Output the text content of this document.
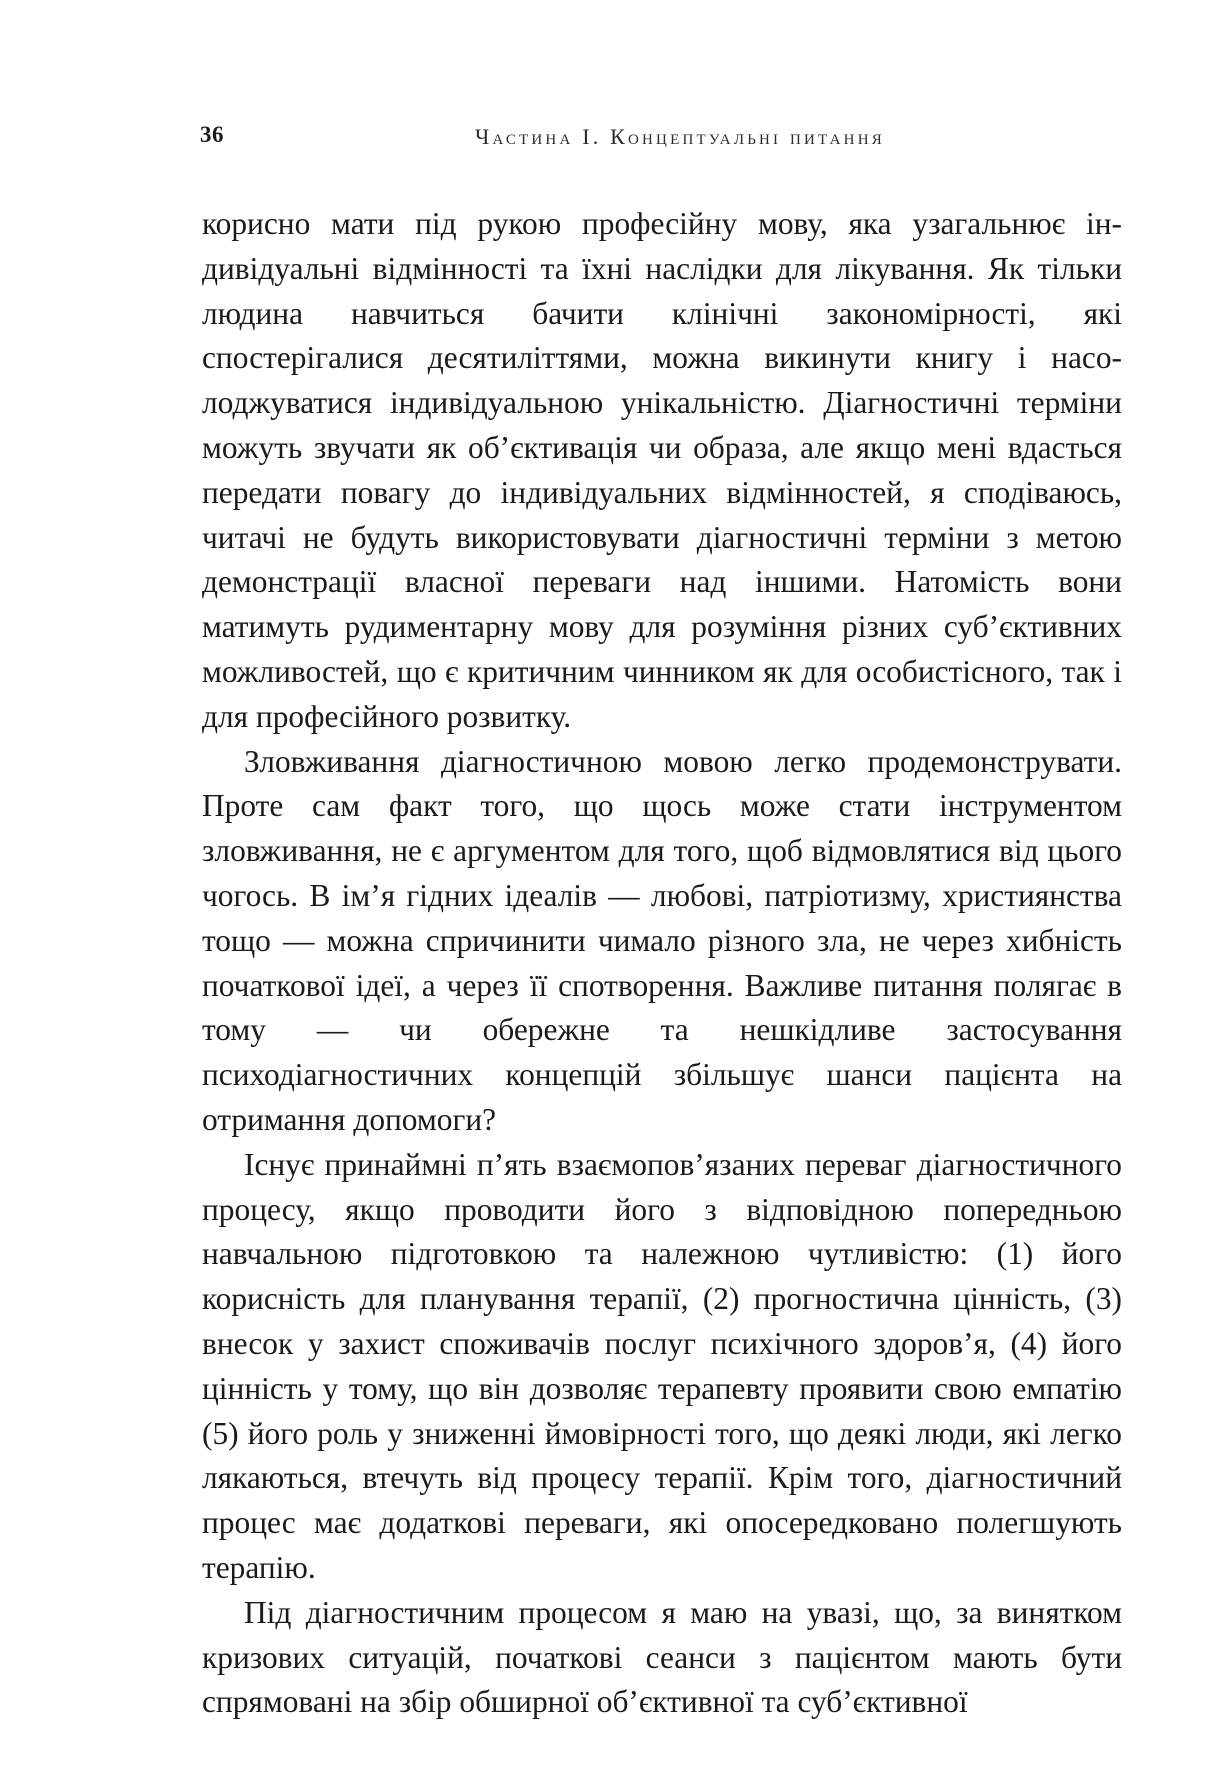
36	Частина І. Концептуальні питання

корисно мати під рукою професійну мову, яка узагальнює індивідуальні відмінності та їхні наслідки для лікування. Як тільки людина навчиться бачити клінічні закономірності, які спостерігалися десятиліттями, можна викинути книгу і насолоджуватися індивідуальною унікальністю. Діагностичні терміни можуть звучати як об’єктивація чи образа, але якщо мені вдасться передати повагу до індивідуальних відмінностей, я сподіваюсь, читачі не будуть використовувати діагностичні терміни з метою демонстрації власної переваги над іншими. Натомість вони матимуть рудиментарну мову для розуміння різних суб’єктивних можливостей, що є критичним чинником як для особистісного, так і для професійного розвитку.

Зловживання діагностичною мовою легко продемонструвати. Проте сам факт того, що щось може стати інструментом зловживання, не є аргументом для того, щоб відмовлятися від цього чогось. В ім’я гідних ідеалів — любові, патріотизму, християнства тощо — можна спричинити чимало різного зла, не через хибність початкової ідеї, а через її спотворення. Важливе питання полягає в тому — чи обережне та нешкідливе застосування психодіагностичних концепцій збільшує шанси пацієнта на отримання допомоги?

Існує принаймні п’ять взаємопов’язаних переваг діагностичного процесу, якщо проводити його з відповідною попередньою навчальною підготовкою та належною чутливістю: (1) його корисність для планування терапії, (2) прогностична цінність, (3) внесок у захист споживачів послуг психічного здоров’я, (4) його цінність у тому, що він дозволяє терапевту проявити свою емпатію (5) його роль у зниженні ймовірності того, що деякі люди, які легко лякаються, втечуть від процесу терапії. Крім того, діагностичний процес має додаткові переваги, які опосередковано полегшують терапію.

Під діагностичним процесом я маю на увазі, що, за винятком кризових ситуацій, початкові сеанси з пацієнтом мають бути спрямовані на збір обширної об’єктивної та суб’єктивної
